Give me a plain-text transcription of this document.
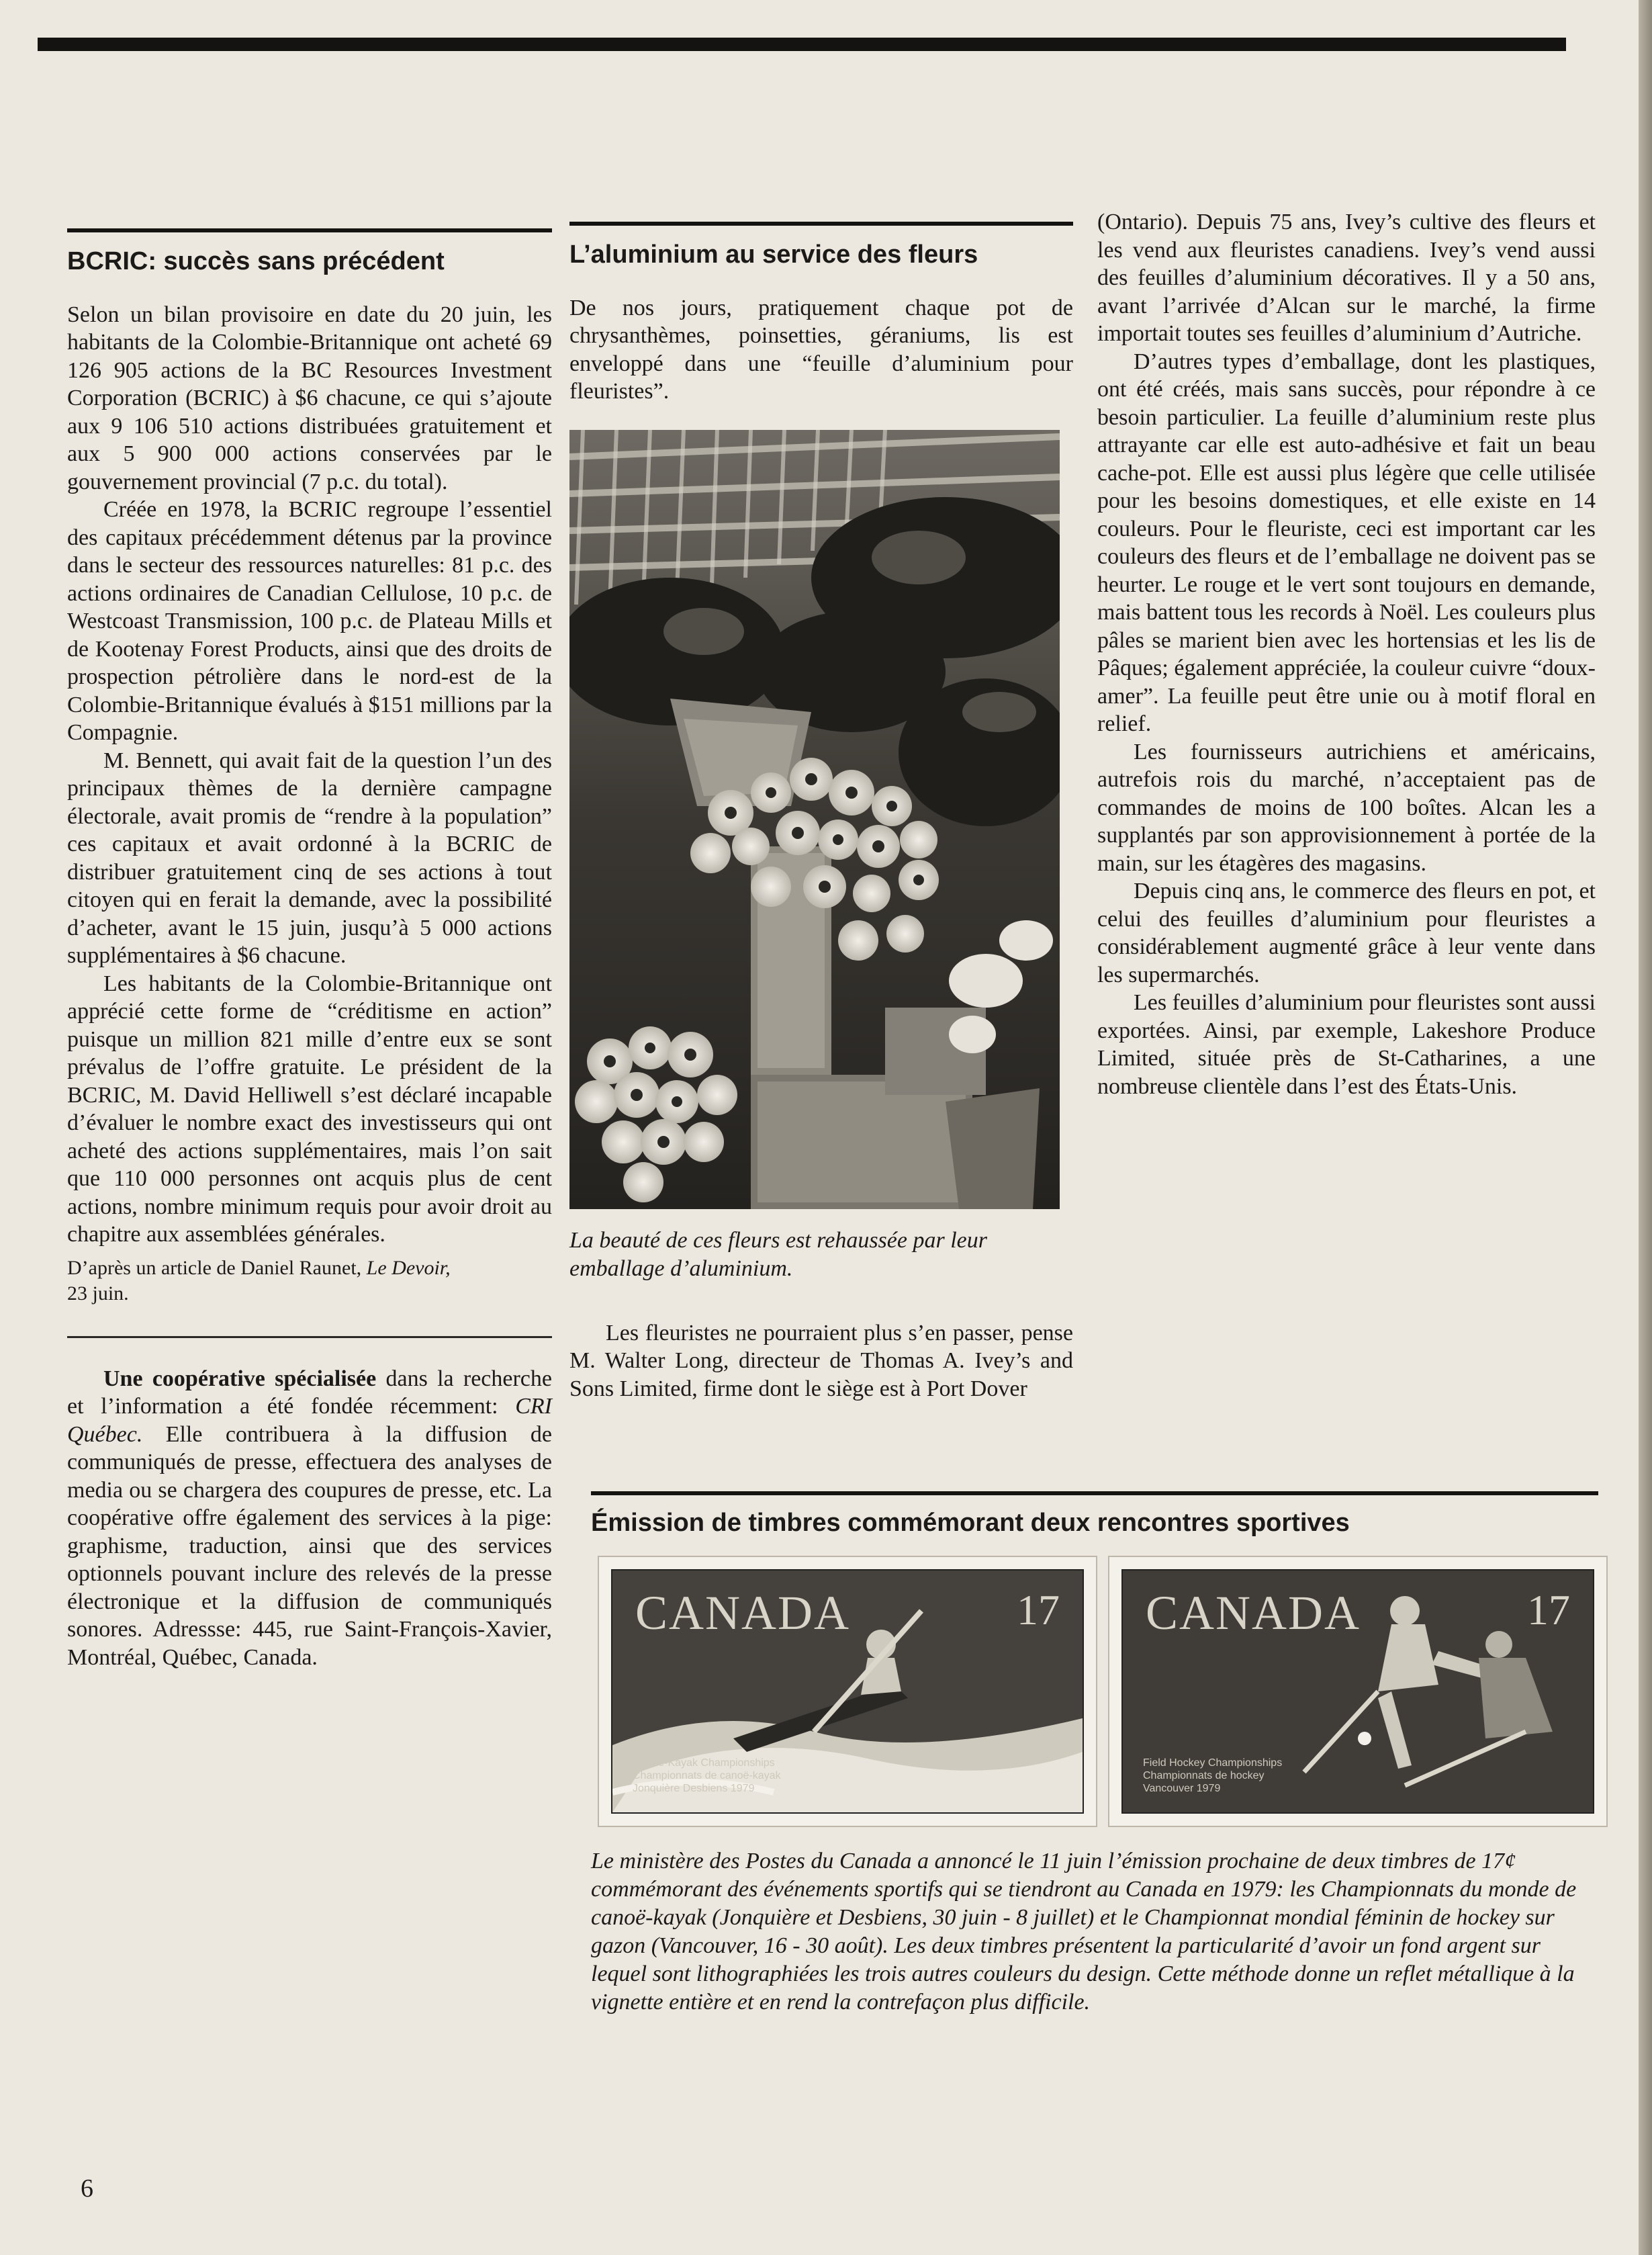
BCRIC: succès sans précédent

Selon un bilan provisoire en date du 20 juin, les habitants de la Colombie-Britannique ont acheté 69 126 905 actions de la BC Resources Investment Corporation (BCRIC) à $6 chacune, ce qui s’ajoute aux 9 106 510 actions distribuées gratuitement et aux 5 900 000 actions conservées par le gouvernement provincial (7 p.c. du total).

Créée en 1978, la BCRIC regroupe l’essentiel des capitaux précédemment détenus par la province dans le secteur des ressources naturelles: 81 p.c. des actions ordinaires de Canadian Cellulose, 10 p.c. de Westcoast Transmission, 100 p.c. de Plateau Mills et de Kootenay Forest Products, ainsi que des droits de prospection pétrolière dans le nord-est de la Colombie-Britannique évalués à $151 millions par la Compagnie.

M. Bennett, qui avait fait de la question l’un des principaux thèmes de la dernière campagne électorale, avait promis de “rendre à la population” ces capitaux et avait ordonné à la BCRIC de distribuer gratuitement cinq de ses actions à tout citoyen qui en ferait la demande, avec la possibilité d’acheter, avant le 15 juin, jusqu’à 5 000 actions supplémentaires à $6 chacune.

Les habitants de la Colombie-Britannique ont apprécié cette forme de “créditisme en action” puisque un million 821 mille d’entre eux se sont prévalus de l’offre gratuite. Le président de la BCRIC, M. David Helliwell s’est déclaré incapable d’évaluer le nombre exact des investisseurs qui ont acheté des actions supplémentaires, mais l’on sait que 110 000 personnes ont acquis plus de cent actions, nombre minimum requis pour avoir droit au chapitre aux assemblées générales.

D’après un article de Daniel Raunet, Le Devoir,
23 juin.

Une coopérative spécialisée dans la recherche et l’information a été fondée récemment: CRI Québec. Elle contribuera à la diffusion de communiqués de presse, effectuera des analyses de media ou se chargera des coupures de presse, etc. La coopérative offre également des services à la pige: graphisme, traduction, ainsi que des services optionnels pouvant inclure des relevés de la presse électronique et la diffusion de communiqués sonores. Adressse: 445, rue Saint-François-Xavier, Montréal, Québec, Canada.

L’aluminium au service des fleurs

De nos jours, pratiquement chaque pot de chrysanthèmes, poinsetties, géraniums, lis est enveloppé dans une “feuille d’aluminium pour fleuristes”.

La beauté de ces fleurs est rehaussée par leur emballage d’aluminium.

Les fleuristes ne pourraient plus s’en passer, pense M. Walter Long, directeur de Thomas A. Ivey’s and Sons Limited, firme dont le siège est à Port Dover

(Ontario). Depuis 75 ans, Ivey’s cultive des fleurs et les vend aux fleuristes canadiens. Ivey’s vend aussi des feuilles d’aluminium décoratives. Il y a 50 ans, avant l’arrivée d’Alcan sur le marché, la firme importait toutes ses feuilles d’aluminium d’Autriche.

D’autres types d’emballage, dont les plastiques, ont été créés, mais sans succès, pour répondre à ce besoin particulier. La feuille d’aluminium reste plus attrayante car elle est auto-adhésive et fait un beau cache-pot. Elle est aussi plus légère que celle utilisée pour les besoins domestiques, et elle existe en 14 couleurs. Pour le fleuriste, ceci est important car les couleurs des fleurs et de l’emballage ne doivent pas se heurter. Le rouge et le vert sont toujours en demande, mais battent tous les records à Noël. Les couleurs plus pâles se marient bien avec les hortensias et les lis de Pâques; également appréciée, la couleur cuivre “doux-amer”. La feuille peut être unie ou à motif floral en relief.

Les fournisseurs autrichiens et américains, autrefois rois du marché, n’acceptaient pas de commandes de moins de 100 boîtes. Alcan les a supplantés par son approvisionnement à portée de la main, sur les étagères des magasins.

Depuis cinq ans, le commerce des fleurs en pot, et celui des feuilles d’aluminium pour fleuristes a considérablement augmenté grâce à leur vente dans les supermarchés.

Les feuilles d’aluminium pour fleuristes sont aussi exportées. Ainsi, par exemple, Lakeshore Produce Limited, située près de St-Catharines, a une nombreuse clientèle dans l’est des États-Unis.

Émission de timbres commémorant deux rencontres sportives
CANADA	17
Canoe-Kayak Championships
Championnats de canoë-kayak
Jonquière Desbiens 1979
CANADA	17
Field Hockey Championships
Championnats de hockey
Vancouver 1979

Le ministère des Postes du Canada a annoncé le 11 juin l’émission prochaine de deux timbres de 17¢ commémorant des événements sportifs qui se tiendront au Canada en 1979: les Championnats du monde de canoë-kayak (Jonquière et Desbiens, 30 juin - 8 juillet) et le Championnat mondial féminin de hockey sur gazon (Vancouver, 16 - 30 août). Les deux timbres présentent la particularité d’avoir un fond argent sur lequel sont lithographiées les trois autres couleurs du design. Cette méthode donne un reflet métallique à la vignette entière et en rend la contrefaçon plus difficile.

6
